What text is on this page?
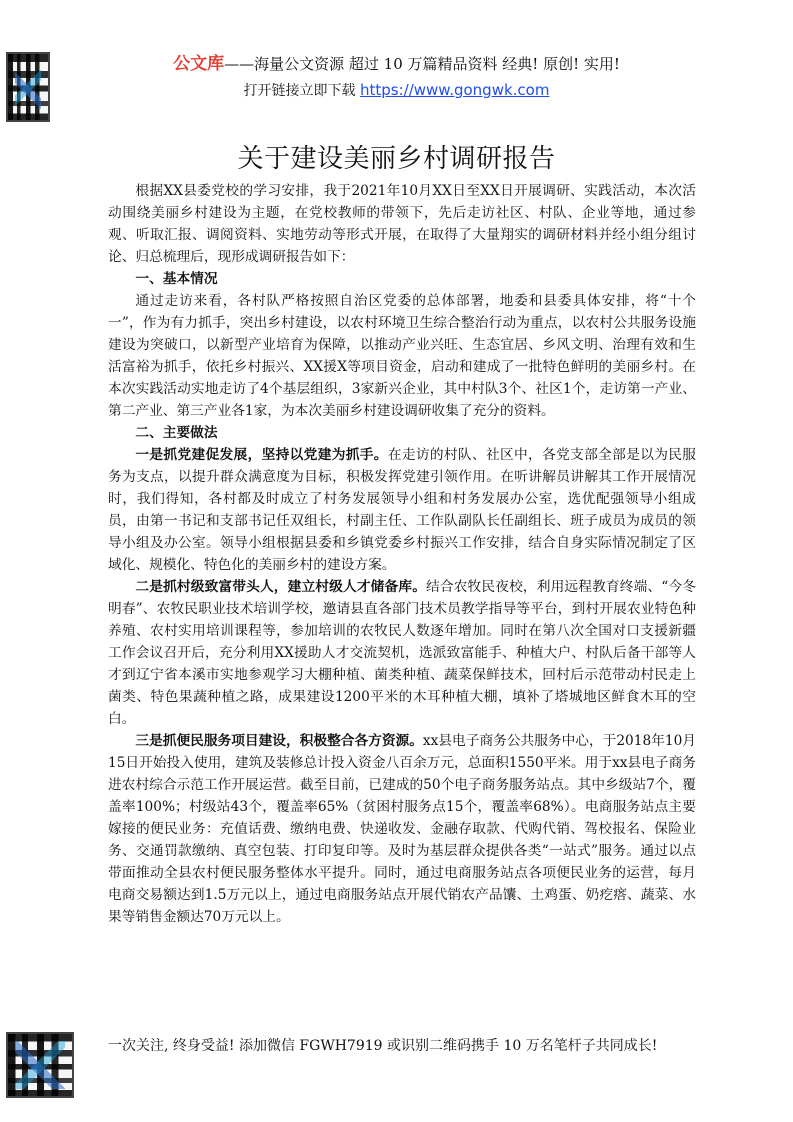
公文库——海量公文资源 超过 10 万篇精品资料 经典! 原创! 实用!
打开链接立即下载 https://www.gongwk.com
关于建设美丽乡村调研报告

根据XX县委党校的学习安排，我于2021年10月XX日至XX日开展调研、实践活动，本次活动围绕美丽乡村建设为主题，在党校教师的带领下，先后走访社区、村队、企业等地，通过参观、听取汇报、调阅资料、实地劳动等形式开展，在取得了大量翔实的调研材料并经小组分组讨论、归总梳理后，现形成调研报告如下：

一、基本情况

通过走访来看，各村队严格按照自治区党委的总体部署，地委和县委具体安排，将“十个一”，作为有力抓手，突出乡村建设，以农村环境卫生综合整治行动为重点，以农村公共服务设施建设为突破口，以新型产业培育为保障，以推动产业兴旺、生态宜居、乡风文明、治理有效和生活富裕为抓手，依托乡村振兴、XX援X等项目资金，启动和建成了一批特色鲜明的美丽乡村。在本次实践活动实地走访了4个基层组织，3家新兴企业，其中村队3个、社区1个，走访第一产业、第二产业、第三产业各1家，为本次美丽乡村建设调研收集了充分的资料。

二、主要做法

一是抓党建促发展，坚持以党建为抓手。在走访的村队、社区中，各党支部全部是以为民服务为支点，以提升群众满意度为目标，积极发挥党建引领作用。在听讲解员讲解其工作开展情况时，我们得知，各村都及时成立了村务发展领导小组和村务发展办公室，选优配强领导小组成员，由第一书记和支部书记任双组长，村副主任、工作队副队长任副组长、班子成员为成员的领导小组及办公室。领导小组根据县委和乡镇党委乡村振兴工作安排，结合自身实际情况制定了区域化、规模化、特色化的美丽乡村的建设方案。

二是抓村级致富带头人，建立村级人才储备库。结合农牧民夜校，利用远程教育终端、“今冬明春”、农牧民职业技术培训学校，邀请县直各部门技术员教学指导等平台，到村开展农业特色种养殖、农村实用培训课程等，参加培训的农牧民人数逐年增加。同时在第八次全国对口支援新疆工作会议召开后，充分利用XX援助人才交流契机，选派致富能手、种植大户、村队后备干部等人才到辽宁省本溪市实地参观学习大棚种植、菌类种植、蔬菜保鲜技术，回村后示范带动村民走上菌类、特色果蔬种植之路，成果建设1200平米的木耳种植大棚，填补了塔城地区鲜食木耳的空白。

三是抓便民服务项目建设，积极整合各方资源。xx县电子商务公共服务中心，于2018年10月15日开始投入使用，建筑及装修总计投入资金八百余万元，总面积1550平米。用于xx县电子商务进农村综合示范工作开展运营。截至目前，已建成的50个电子商务服务站点。其中乡级站7个，覆盖率100%；村级站43个，覆盖率65%（贫困村服务点15个，覆盖率68%）。电商服务站点主要嫁接的便民业务：充值话费、缴纳电费、快递收发、金融存取款、代购代销、驾校报名、保险业务、交通罚款缴纳、真空包装、打印复印等。及时为基层群众提供各类“一站式”服务。通过以点带面推动全县农村便民服务整体水平提升。同时，通过电商服务站点各项便民业务的运营，每月电商交易额达到1.5万元以上，通过电商服务站点开展代销农产品馕、土鸡蛋、奶疙瘩、蔬菜、水果等销售金额达70万元以上。

一次关注, 终身受益! 添加微信 FGWH7919 或识别二维码携手 10 万名笔杆子共同成长!
